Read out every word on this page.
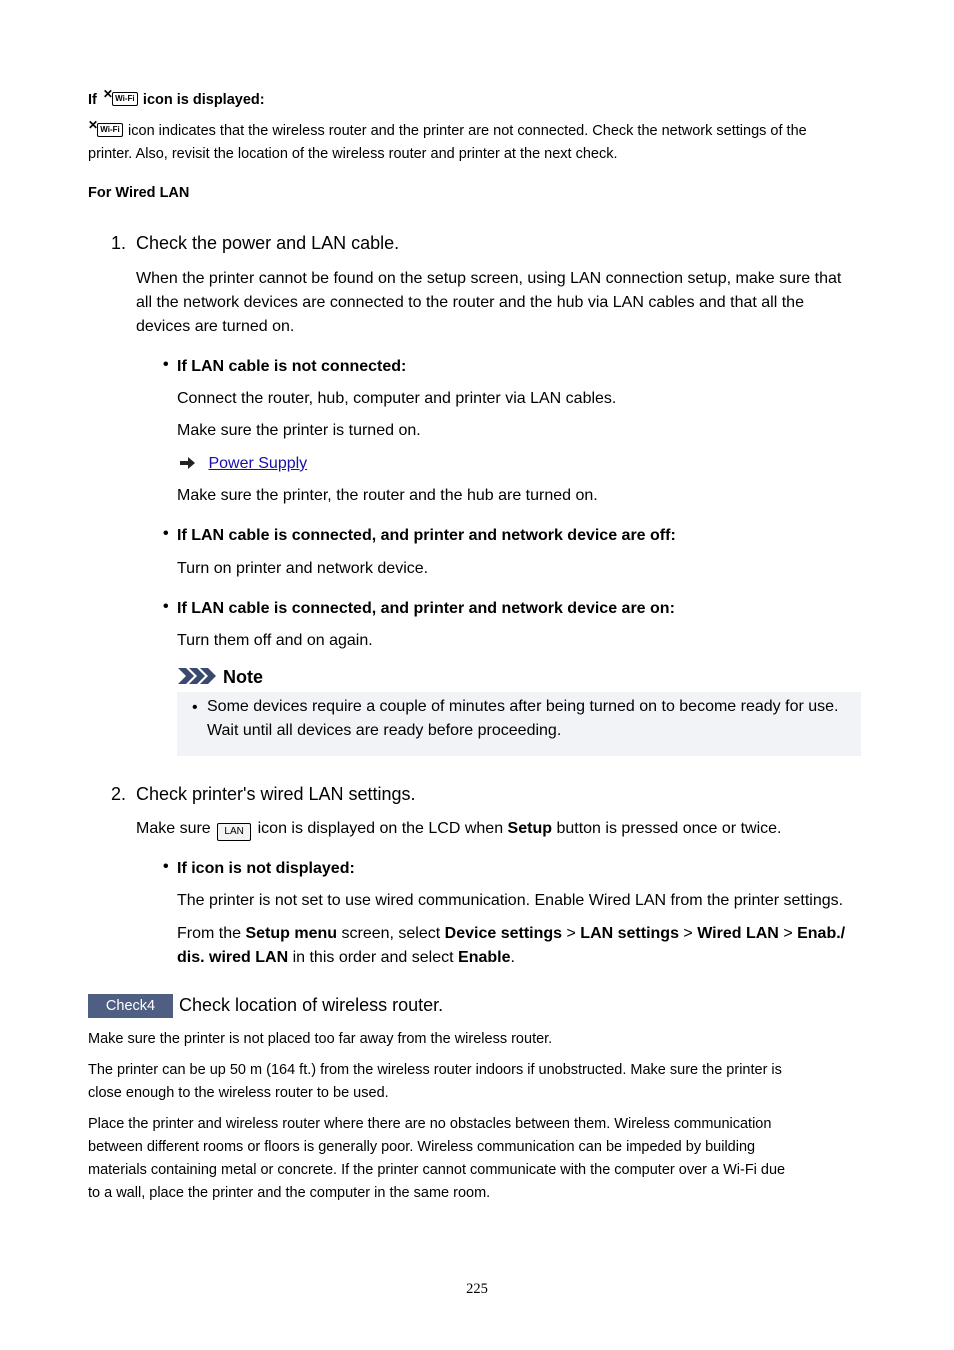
If ✕ Wi-Fi icon is displayed:
✕ Wi-Fi icon indicates that the wireless router and the printer are not connected. Check the network settings of the
printer. Also, revisit the location of the wireless router and printer at the next check.
For Wired LAN
1. Check the power and LAN cable.
When the printer cannot be found on the setup screen, using LAN connection setup, make sure that
all the network devices are connected to the router and the hub via LAN cables and that all the
devices are turned on.
• If LAN cable is not connected:
Connect the router, hub, computer and printer via LAN cables.
Make sure the printer is turned on.
Power Supply
Make sure the printer, the router and the hub are turned on.
• If LAN cable is connected, and printer and network device are off:
Turn on printer and network device.
• If LAN cable is connected, and printer and network device are on:
Turn them off and on again.
Note
• Some devices require a couple of minutes after being turned on to become ready for use.
Wait until all devices are ready before proceeding.
2. Check printer's wired LAN settings.
Make sure LAN icon is displayed on the LCD when Setup button is pressed once or twice.
• If icon is not displayed:
The printer is not set to use wired communication. Enable Wired LAN from the printer settings.
From the Setup menu screen, select Device settings > LAN settings > Wired LAN > Enab./
dis. wired LAN in this order and select Enable.
Check4	Check location of wireless router.
Make sure the printer is not placed too far away from the wireless router.
The printer can be up 50 m (164 ft.) from the wireless router indoors if unobstructed. Make sure the printer is
close enough to the wireless router to be used.
Place the printer and wireless router where there are no obstacles between them. Wireless communication
between different rooms or floors is generally poor. Wireless communication can be impeded by building
materials containing metal or concrete. If the printer cannot communicate with the computer over a Wi-Fi due
to a wall, place the printer and the computer in the same room.
225
